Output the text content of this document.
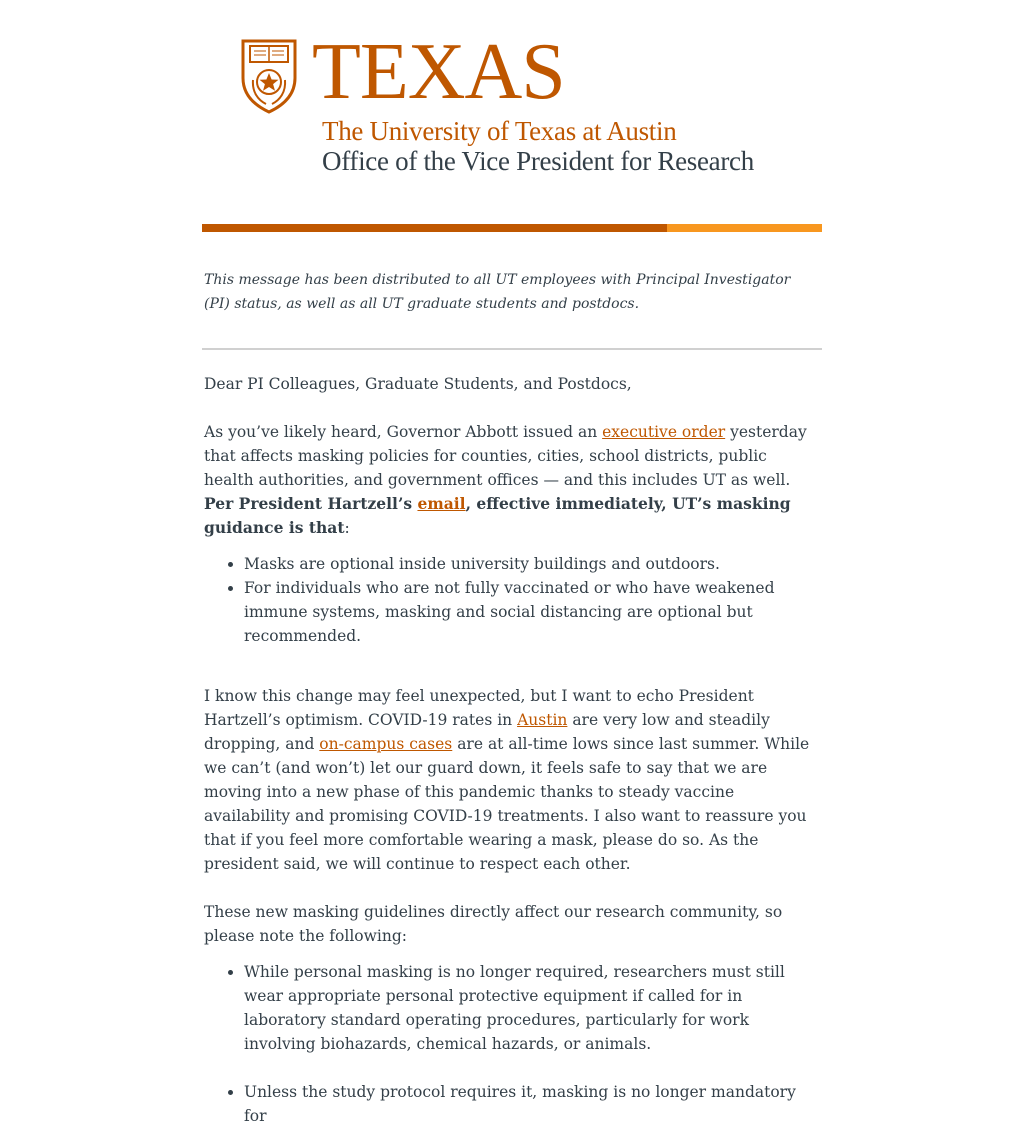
TEXAS
The University of Texas at Austin
Office of the Vice President for Research

This message has been distributed to all UT employees with Principal Investigator (PI) status, as well as all UT graduate students and postdocs.

Dear PI Colleagues, Graduate Students, and Postdocs,

As you’ve likely heard, Governor Abbott issued an executive order yesterday that affects masking policies for counties, cities, school districts, public health authorities, and government offices — and this includes UT as well. Per President Hartzell’s email, effective immediately, UT’s masking guidance is that:

• Masks are optional inside university buildings and outdoors.
• For individuals who are not fully vaccinated or who have weakened immune systems, masking and social distancing are optional but recommended.

I know this change may feel unexpected, but I want to echo President Hartzell’s optimism. COVID-19 rates in Austin are very low and steadily dropping, and on-campus cases are at all-time lows since last summer. While we can’t (and won’t) let our guard down, it feels safe to say that we are moving into a new phase of this pandemic thanks to steady vaccine availability and promising COVID-19 treatments. I also want to reassure you that if you feel more comfortable wearing a mask, please do so. As the president said, we will continue to respect each other.

These new masking guidelines directly affect our research community, so please note the following:

• While personal masking is no longer required, researchers must still wear appropriate personal protective equipment if called for in laboratory standard operating procedures, particularly for work involving biohazards, chemical hazards, or animals.
• Unless the study protocol requires it, masking is no longer mandatory for
